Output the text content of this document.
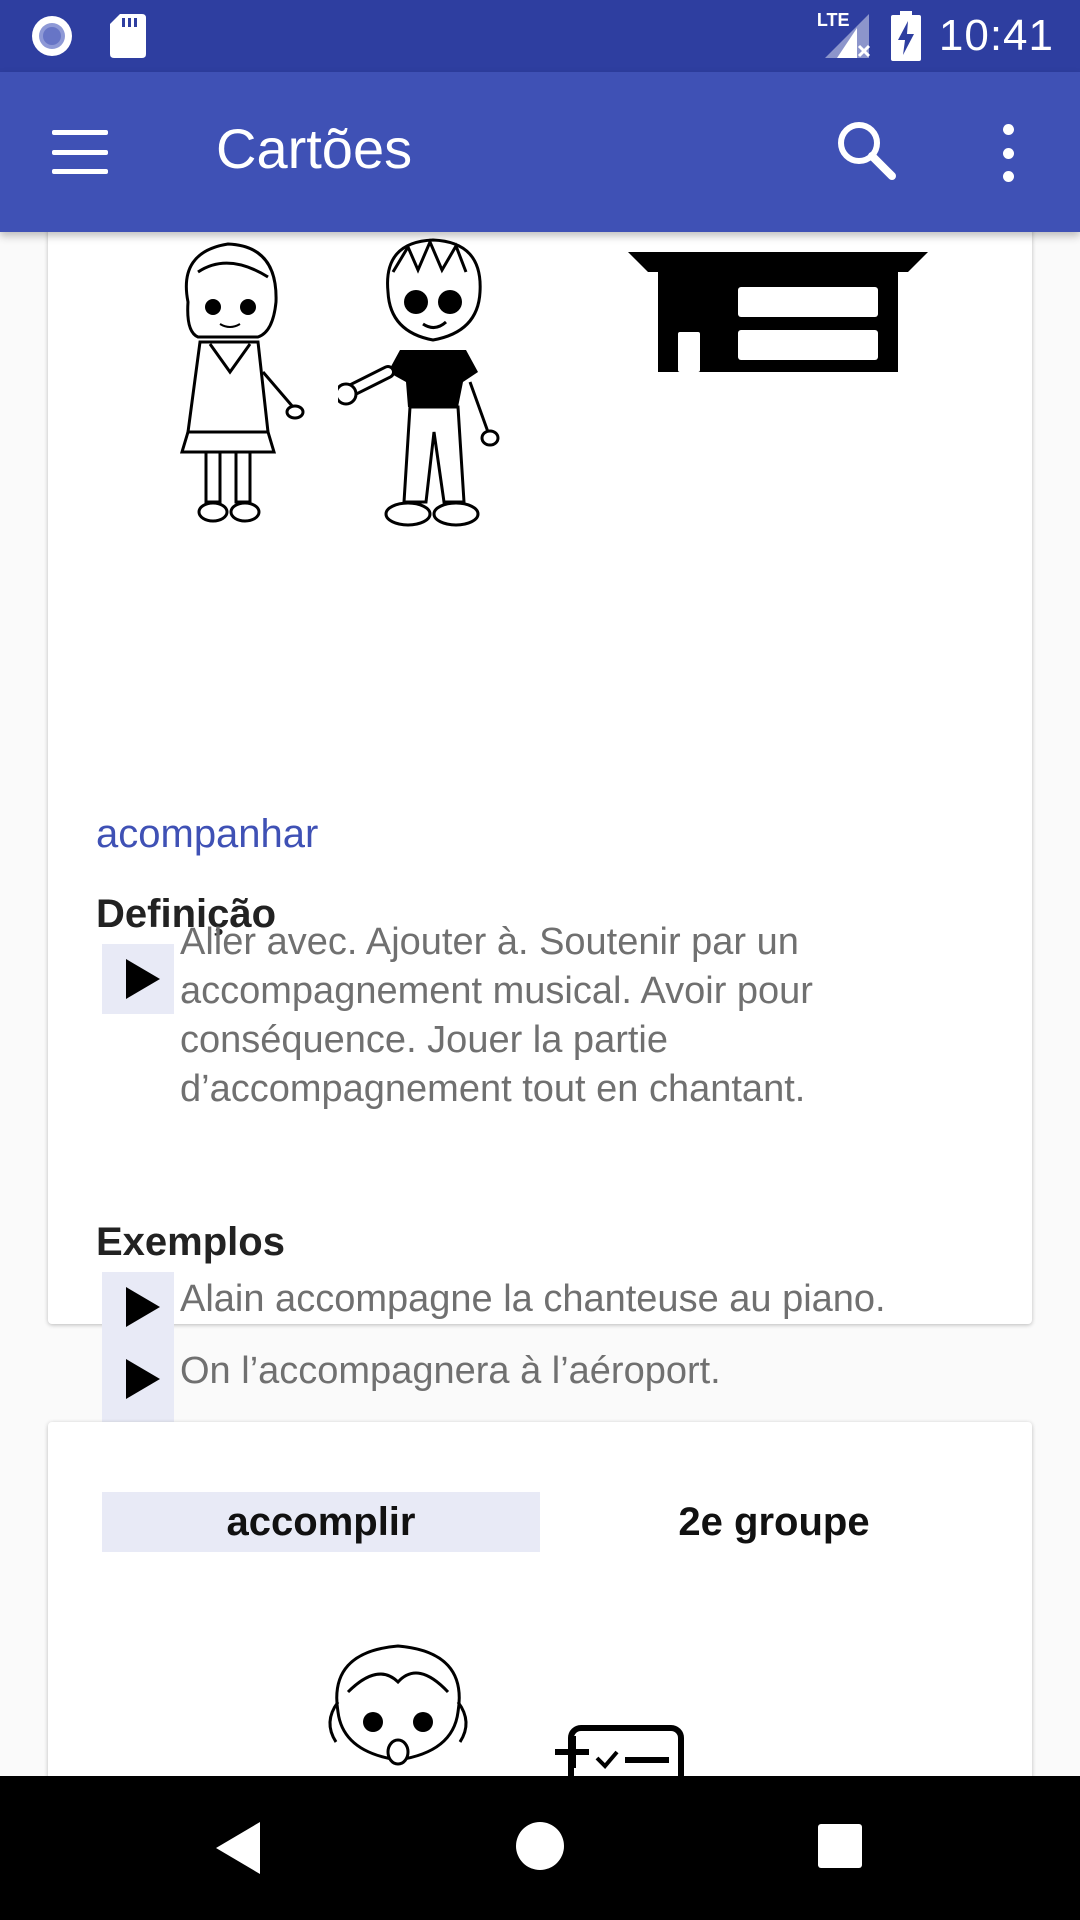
LTE 10:41
Cartões
acompanhar
Definição
Aller avec. Ajouter à. Soutenir par un accompagnement musical. Avoir pour conséquence. Jouer la partie d’accompagnement tout en chantant.
Exemplos
Alain accompagne la chanteuse au piano.
On l’accompagnera à l’aéroport.
accomplir	2e groupe
